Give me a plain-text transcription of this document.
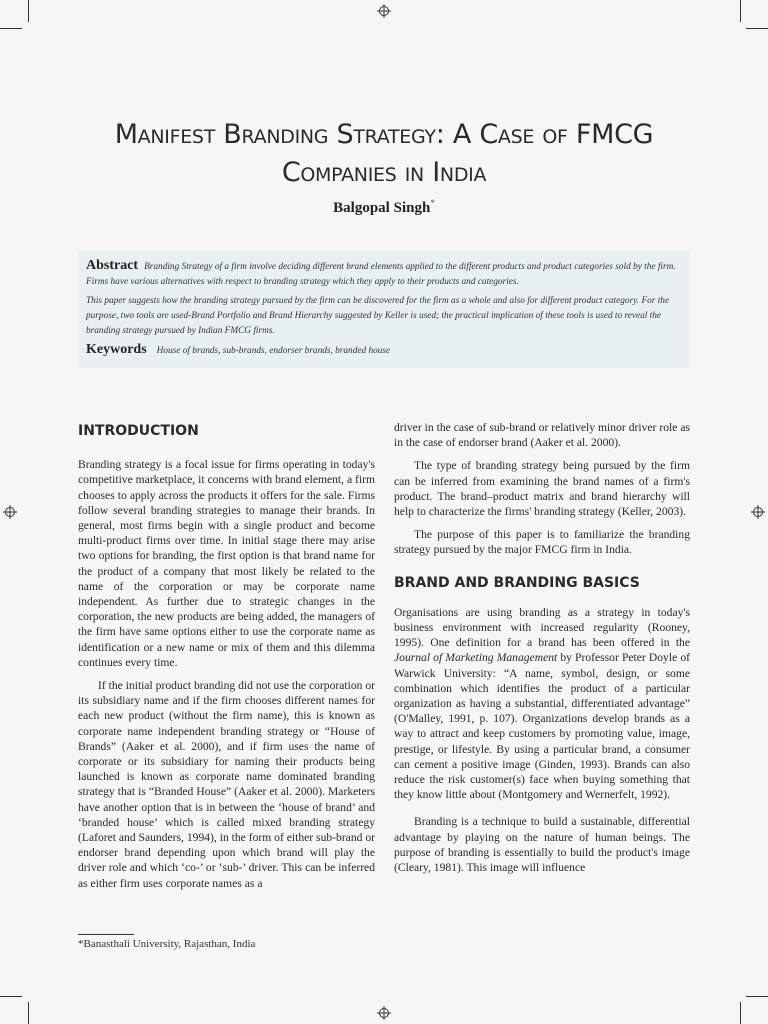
Manifest Branding Strategy: A Case of FMCG
Companies in India
Balgopal Singh*

Abstract Branding Strategy of a firm involve deciding different brand elements applied to the different products and product categories sold by the firm. Firms have various alternatives with respect to branding strategy which they apply to their products and categories.

This paper suggests how the branding strategy pursued by the firm can be discovered for the firm as a whole and also for different product category. For the purpose, two tools are used-Brand Portfolio and Brand Hierarchy suggested by Keller is used; the practical implication of these tools is used to reveal the branding strategy pursued by Indian FMCG firms.

Keywords House of brands, sub-brands, endorser brands, branded house
INTRODUCTION

Branding strategy is a focal issue for firms operating in today's competitive marketplace, it concerns with brand element, a firm chooses to apply across the products it offers for the sale. Firms follow several branding strategies to manage their brands. In general, most firms begin with a single product and become multi-product firms over time. In initial stage there may arise two options for branding, the first option is that brand name for the product of a company that most likely be related to the name of the corporation or may be corporate name independent. As further due to strategic changes in the corporation, the new products are being added, the managers of the firm have same options either to use the corporate name as identification or a new name or mix of them and this dilemma continues every time.

If the initial product branding did not use the corporation or its subsidiary name and if the firm chooses different names for each new product (without the firm name), this is known as corporate name independent branding strategy or “House of Brands” (Aaker et al. 2000), and if firm uses the name of corporate or its subsidiary for naming their products being launched is known as corporate name dominated branding strategy that is “Branded House” (Aaker et al. 2000). Marketers have another option that is in between the ‘house of brand’ and ‘branded house’ which is called mixed branding strategy (Laforet and Saunders, 1994), in the form of either sub-brand or endorser brand depending upon which brand will play the driver role and which ‘co-’ or ‘sub-’ driver. This can be inferred as either firm uses corporate names as a

driver in the case of sub-brand or relatively minor driver role as in the case of endorser brand (Aaker et al. 2000).

The type of branding strategy being pursued by the firm can be inferred from examining the brand names of a firm's product. The brand–product matrix and brand hierarchy will help to characterize the firms' branding strategy (Keller, 2003).

The purpose of this paper is to familiarize the branding strategy pursued by the major FMCG firm in India.

BRAND AND BRANDING BASICS

Organisations are using branding as a strategy in today's business environment with increased regularity (Rooney, 1995). One definition for a brand has been offered in the Journal of Marketing Management by Professor Peter Doyle of Warwick University: “A name, symbol, design, or some combination which identifies the product of a particular organization as having a substantial, differentiated advantage” (O'Malley, 1991, p. 107). Organizations develop brands as a way to attract and keep customers by promoting value, image, prestige, or lifestyle. By using a particular brand, a consumer can cement a positive image (Ginden, 1993). Brands can also reduce the risk customer(s) face when buying something that they know little about (Montgomery and Wernerfelt, 1992).

Branding is a technique to build a sustainable, differential advantage by playing on the nature of human beings. The purpose of branding is essentially to build the product's image (Cleary, 1981). This image will influence

*Banasthali University, Rajasthan, India
